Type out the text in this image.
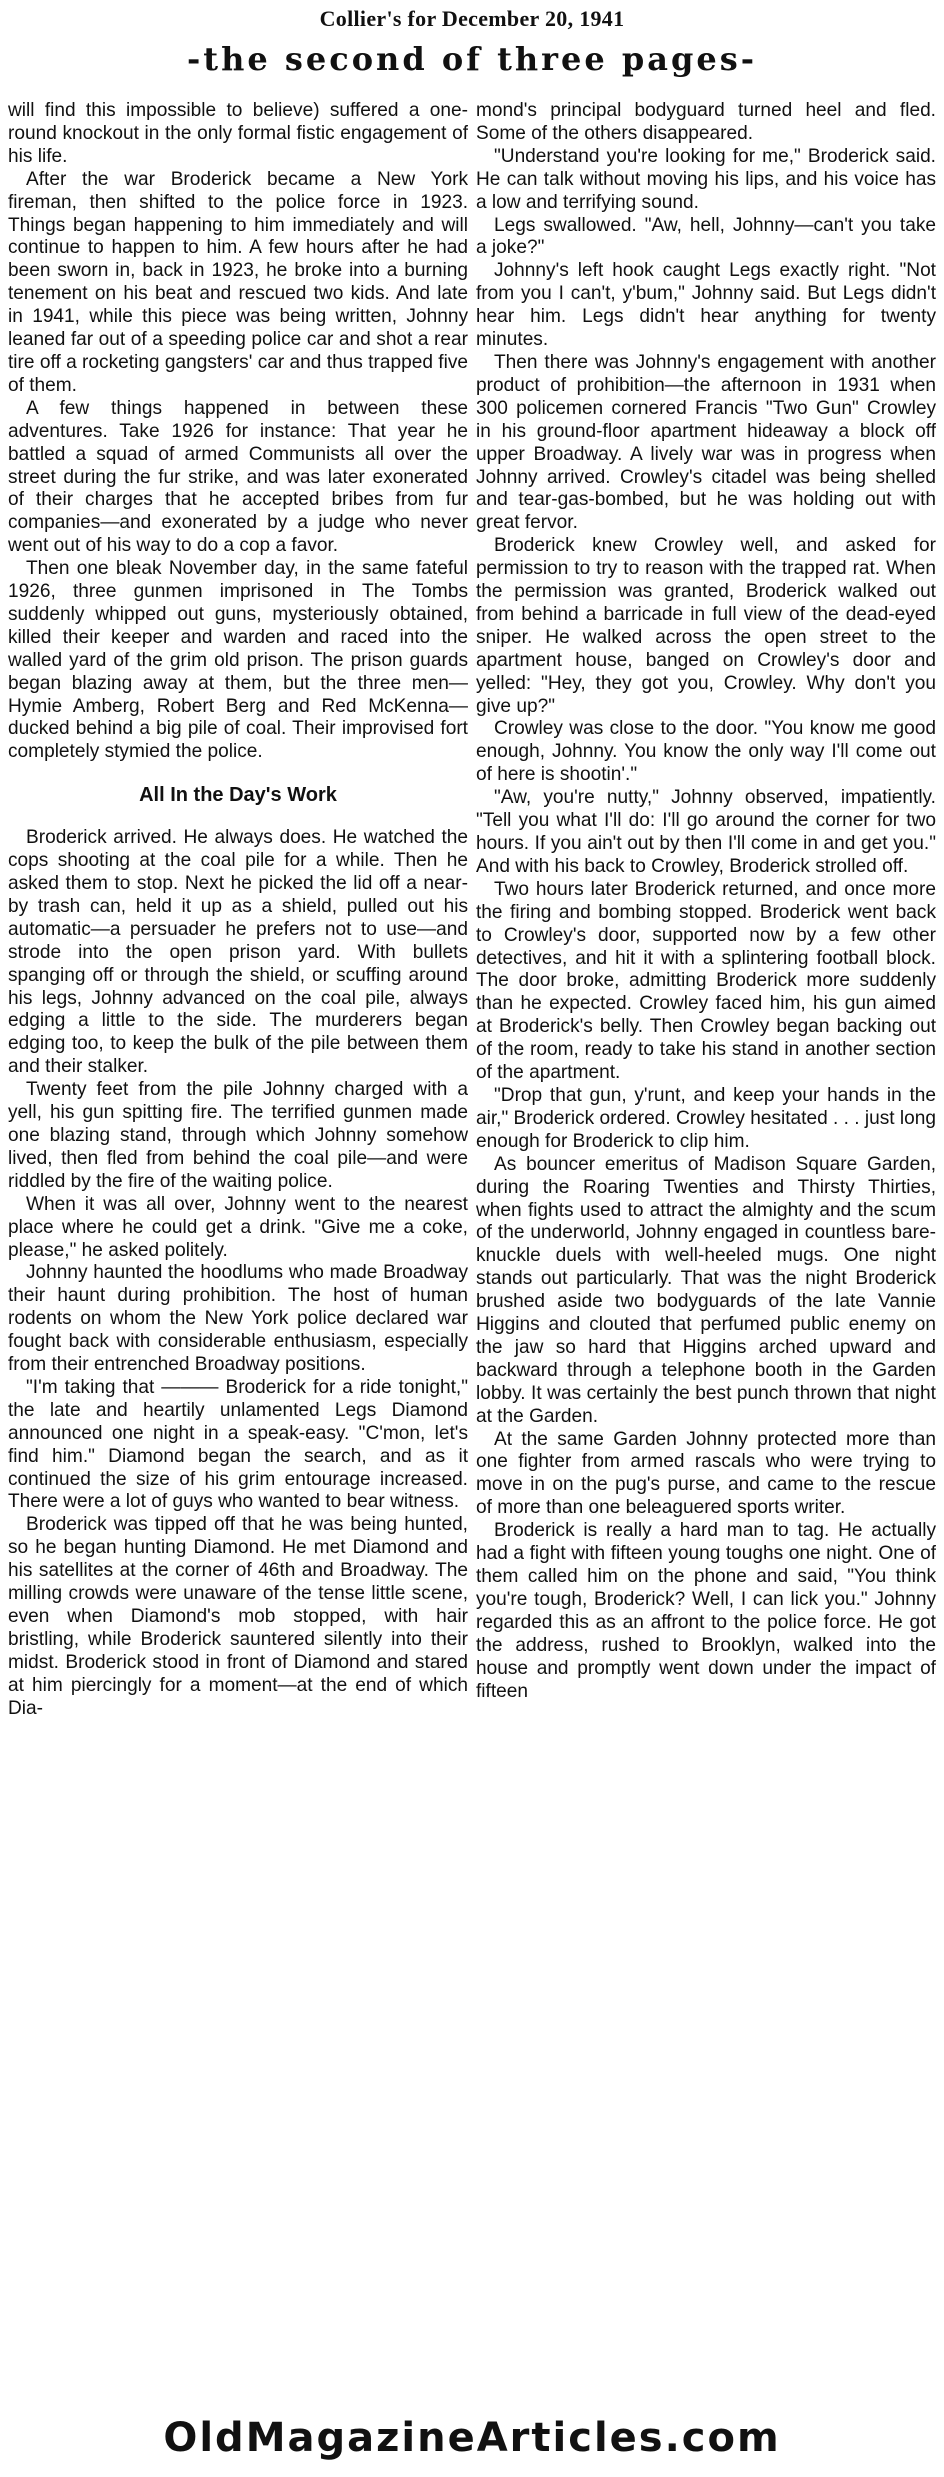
Collier's for December 20, 1941
-the second of three pages-

will find this impossible to believe) suffered a one-round knockout in the only formal fistic engagement of his life.

After the war Broderick became a New York fireman, then shifted to the police force in 1923. Things began happening to him immediately and will continue to happen to him. A few hours after he had been sworn in, back in 1923, he broke into a burning tenement on his beat and rescued two kids. And late in 1941, while this piece was being written, Johnny leaned far out of a speeding police car and shot a rear tire off a rocketing gangsters' car and thus trapped five of them.

A few things happened in between these adventures. Take 1926 for instance: That year he battled a squad of armed Communists all over the street during the fur strike, and was later exonerated of their charges that he accepted bribes from fur companies—and exonerated by a judge who never went out of his way to do a cop a favor.

Then one bleak November day, in the same fateful 1926, three gunmen imprisoned in The Tombs suddenly whipped out guns, mysteriously obtained, killed their keeper and warden and raced into the walled yard of the grim old prison. The prison guards began blazing away at them, but the three men—Hymie Amberg, Robert Berg and Red McKenna—ducked behind a big pile of coal. Their improvised fort completely stymied the police.

All In the Day's Work

Broderick arrived. He always does. He watched the cops shooting at the coal pile for a while. Then he asked them to stop. Next he picked the lid off a near-by trash can, held it up as a shield, pulled out his automatic—a persuader he prefers not to use—and strode into the open prison yard. With bullets spanging off or through the shield, or scuffing around his legs, Johnny advanced on the coal pile, always edging a little to the side. The murderers began edging too, to keep the bulk of the pile between them and their stalker.

Twenty feet from the pile Johnny charged with a yell, his gun spitting fire. The terrified gunmen made one blazing stand, through which Johnny somehow lived, then fled from behind the coal pile—and were riddled by the fire of the waiting police.

When it was all over, Johnny went to the nearest place where he could get a drink. "Give me a coke, please," he asked politely.

Johnny haunted the hoodlums who made Broadway their haunt during prohibition. The host of human rodents on whom the New York police declared war fought back with considerable enthusiasm, especially from their entrenched Broadway positions.

"I'm taking that ——— Broderick for a ride tonight," the late and heartily unlamented Legs Diamond announced one night in a speak-easy. "C'mon, let's find him." Diamond began the search, and as it continued the size of his grim entourage increased. There were a lot of guys who wanted to bear witness.

Broderick was tipped off that he was being hunted, so he began hunting Diamond. He met Diamond and his satellites at the corner of 46th and Broadway. The milling crowds were unaware of the tense little scene, even when Diamond's mob stopped, with hair bristling, while Broderick sauntered silently into their midst. Broderick stood in front of Diamond and stared at him piercingly for a moment—at the end of which Dia-

mond's principal bodyguard turned heel and fled. Some of the others disappeared.

"Understand you're looking for me," Broderick said. He can talk without moving his lips, and his voice has a low and terrifying sound.

Legs swallowed. "Aw, hell, Johnny—can't you take a joke?"

Johnny's left hook caught Legs exactly right. "Not from you I can't, y'bum," Johnny said. But Legs didn't hear him. Legs didn't hear anything for twenty minutes.

Then there was Johnny's engagement with another product of prohibition—the afternoon in 1931 when 300 policemen cornered Francis "Two Gun" Crowley in his ground-floor apartment hideaway a block off upper Broadway. A lively war was in progress when Johnny arrived. Crowley's citadel was being shelled and tear-gas-bombed, but he was holding out with great fervor.

Broderick knew Crowley well, and asked for permission to try to reason with the trapped rat. When the permission was granted, Broderick walked out from behind a barricade in full view of the dead-eyed sniper. He walked across the open street to the apartment house, banged on Crowley's door and yelled: "Hey, they got you, Crowley. Why don't you give up?"

Crowley was close to the door. "You know me good enough, Johnny. You know the only way I'll come out of here is shootin'."

"Aw, you're nutty," Johnny observed, impatiently. "Tell you what I'll do: I'll go around the corner for two hours. If you ain't out by then I'll come in and get you." And with his back to Crowley, Broderick strolled off.

Two hours later Broderick returned, and once more the firing and bombing stopped. Broderick went back to Crowley's door, supported now by a few other detectives, and hit it with a splintering football block. The door broke, admitting Broderick more suddenly than he expected. Crowley faced him, his gun aimed at Broderick's belly. Then Crowley began backing out of the room, ready to take his stand in another section of the apartment.

"Drop that gun, y'runt, and keep your hands in the air," Broderick ordered. Crowley hesitated . . . just long enough for Broderick to clip him.

As bouncer emeritus of Madison Square Garden, during the Roaring Twenties and Thirsty Thirties, when fights used to attract the almighty and the scum of the underworld, Johnny engaged in countless bare-knuckle duels with well-heeled mugs. One night stands out particularly. That was the night Broderick brushed aside two bodyguards of the late Vannie Higgins and clouted that perfumed public enemy on the jaw so hard that Higgins arched upward and backward through a telephone booth in the Garden lobby. It was certainly the best punch thrown that night at the Garden.

At the same Garden Johnny protected more than one fighter from armed rascals who were trying to move in on the pug's purse, and came to the rescue of more than one beleaguered sports writer.

Broderick is really a hard man to tag. He actually had a fight with fifteen young toughs one night. One of them called him on the phone and said, "You think you're tough, Broderick? Well, I can lick you." Johnny regarded this as an affront to the police force. He got the address, rushed to Brooklyn, walked into the house and promptly went down under the impact of fifteen

OldMagazineArticles.com
